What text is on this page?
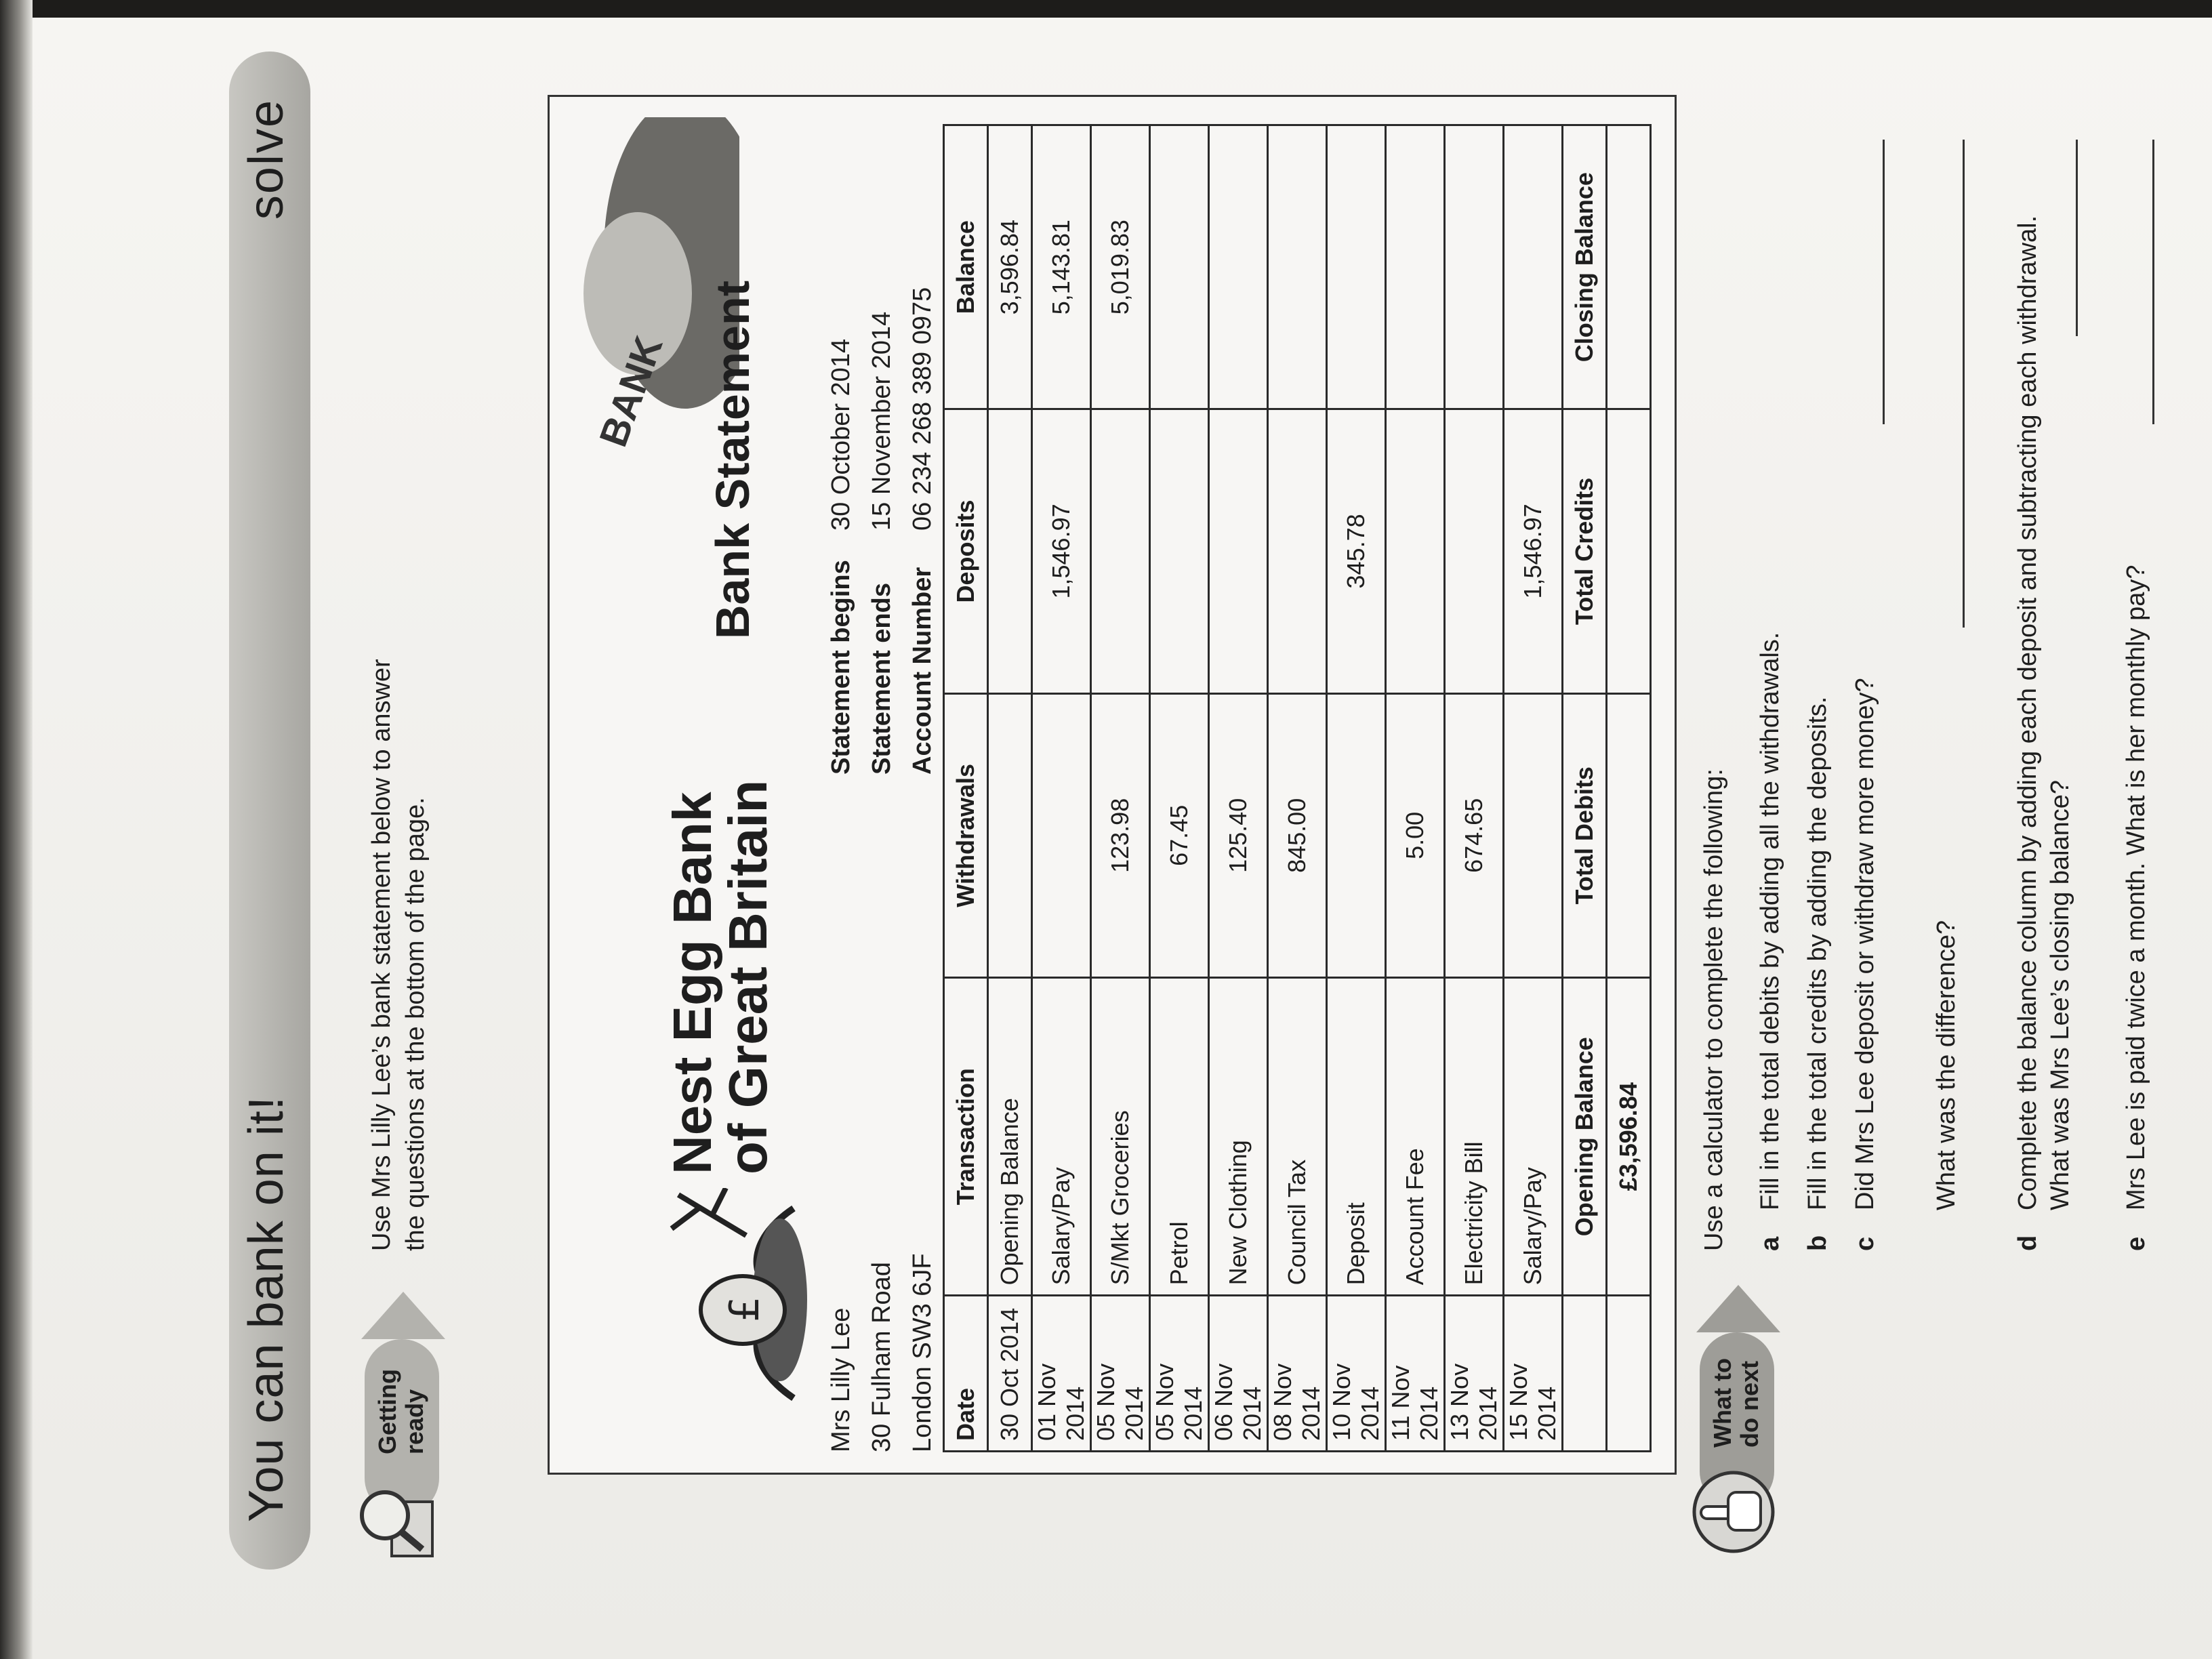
You can bank on it!
solve
Getting ready
Use Mrs Lilly Lee’s bank statement below to answer the questions at the bottom of the page.
£
Nest Egg Bank
of Great Britain
BANK Bank Statement
Mrs Lilly Lee 30 Fulham Road London SW3 6JF
Statement begins30 October 2014
Statement ends15 November 2014
Account Number06 234 268 389 0975
Date	Transaction	Withdrawals	Deposits	Balance
30 Oct 2014	Opening Balance			3,596.84
01 Nov 2014	Salary/Pay		1,546.97	5,143.81
05 Nov 2014	S/Mkt Groceries	123.98		5,019.83
05 Nov 2014	Petrol	67.45		
06 Nov 2014	New Clothing	125.40		
08 Nov 2014	Council Tax	845.00		
10 Nov 2014	Deposit		345.78	
11 Nov 2014	Account Fee	5.00		
13 Nov 2014	Electricity Bill	674.65		
15 Nov 2014	Salary/Pay		1,546.97	
	Opening Balance	Total Debits	Total Credits	Closing Balance
	£3,596.84			
What to do next
Use a calculator to complete the following: a
Fill in the total debits by adding all the withdrawals.
b
Fill in the total credits by adding the deposits.
c
Did Mrs Lee deposit or withdraw more money? What was the difference?
d
Complete the balance column by adding each deposit and subtracting each withdrawal. What was Mrs Lee’s closing balance?
e
Mrs Lee is paid twice a month. What is her monthly pay?
